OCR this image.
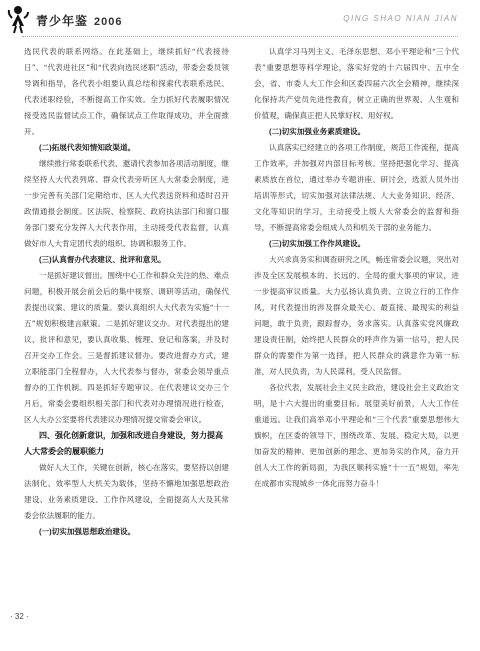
青少年鉴 2006	QING SHAO NIAN JIAN

选民代表的联系网络。在此基础上，继续抓好“代表接待日”、“代表进社区”和“代表向选民述职”活动，带委会委员领导调和指导，各代表小组要认真总结和探索代表联系选民、代表述职经验，不断提高工作实效。全力抓好代表履职情况接受选民监督试点工作，确保试点工作取得成功，并全面推开。

(二)拓展代表知情知政渠道。

继续推行常委联系代表、邀请代表参加各项活动制度，继续坚持人大代表列席、群众代表旁听区人大常委会制度，进一步完善有关部门定期给市、区人大代表送资料和适时召开政情通报会制度。区法院、检察院、政府执法部门和窗口服务部门要充分发挥人大代表作用，主动接受代表监督，认真做好市人大肯定团代表的组织、协调和服务工作。

(三)认真督办代表建议、批评和意见。

一是抓好建议督出。围绕中心工作和群众关注的热、难点问题，积极开展会前会后的集中视察、调研等活动，确保代表提出议案、建议的质量。要认真组织人大代表为实施“十一五”规划积极建言献策。二是抓好建议交办。对代表提出的建议、批评和意见，要认真收集、梳理、登记和落案，并及时召开交办工作会。三是督抓建议督办。要改进督办方式，建立职能部门全程督办，人大代表参与督办，常委会领导重点督办的工作机制。四是抓好专题审议。在代表建议交办三个月后，常委会要组织相关部门和代表对办理情况进行检查，区人大办公室要将代表建议办理情况提交常委会审议。

四、强化创新意识，加强和改进自身建设，努力提高人大常委会的履职能力

做好人大工作，关键在创新，核心在落实，要坚持以创建法制化、效率型人大机关为载体，坚持不懈地加强思想政治建设、业务素质建设、工作作风建设，全面提高人大及其常委会依法履职的能力。

(一)切实加强思想政治建设。

认真学习马列主义、毛泽东思想、邓小平理论和“三个代表”重要思想等科学理论，落实好党的十六届四中、五中全会，省、市委人大工作会和区委四届六次全会精神，继续深化保持共产党员先进性教育，树立正确的世界观、人生观和价值观，确保真正把人民掌好权、用好权。

(二)切实加强业务素质建设。

认真落实已经建立的各项工作制度，规范工作流程，提高工作效率，并加强对内部目标考核。坚持把强化学习、提高素质放在首位，通过举办专题讲座、研讨会，选派人员外出培训等形式，切实加强对法律法规、人大业务知识、经济、文化等知识的学习，主动接受上级人大常委会的监督和指导，不断提高常委会组成人员和机关干部的业务能力。

(三)切实加强工作作风建设。

大兴求真务实和调查研究之风，畅连常委会议题，突出对涉及全区发展根本的、长远的、全局的重大事项的审议，进一步提高审议质量。大力弘扬认真负责、立说立行的工作作风，对代表提出的涉及群众最关心、最直接、最现实的利益问题，敢于负责，跟踪督办，务求落实。认真落实党风廉政建设责任制，始终把人民群众的呼声作为第一信号，把人民群众的需要作为第一选择，把人民群众的满意作为第一标准，对人民负责，为人民谋利，受人民监督。

各位代表，发展社会主义民主政治，建设社会主义政治文明，是十六大提出的重要目标。展望美好前景，人大工作任重道远。让我们高举邓小平理论和“三个代表”重要思想伟大旗帜，在区委的领导下，围绕改革、发展、稳定大局，以更加奋发的精神、更加创新的理念、更加务实的作风，奋力开创人大工作的新局面，为我区顺利实施“十一五”规划，率先在成都市实现城乡一体化而努力奋斗！

· 32 ·
